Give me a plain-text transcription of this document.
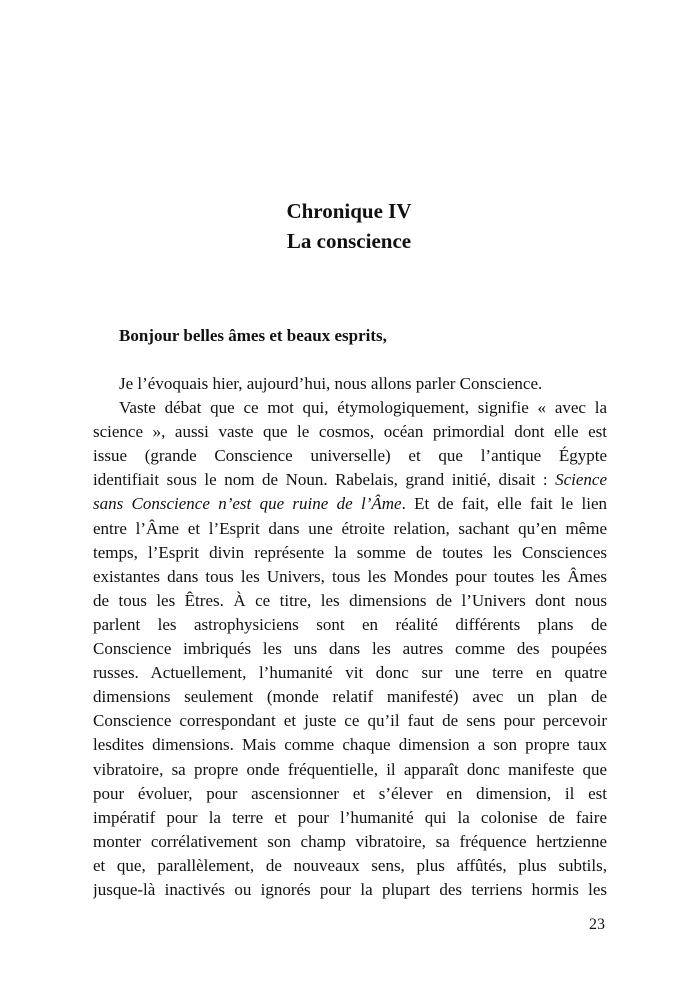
Chronique IV
La conscience
Bonjour belles âmes et beaux esprits,
Je l’évoquais hier, aujourd’hui, nous allons parler Conscience.
Vaste débat que ce mot qui, étymologiquement, signifie « avec la
science », aussi vaste que le cosmos, océan primordial dont elle est
issue (grande Conscience universelle) et que l’antique Égypte
identifiait sous le nom de Noun. Rabelais, grand initié, disait : Science
sans Conscience n’est que ruine de l’Âme. Et de fait, elle fait le lien
entre l’Âme et l’Esprit dans une étroite relation, sachant qu’en même
temps, l’Esprit divin représente la somme de toutes les Consciences
existantes dans tous les Univers, tous les Mondes pour toutes les Âmes
de tous les Êtres. À ce titre, les dimensions de l’Univers dont nous
parlent les astrophysiciens sont en réalité différents plans de
Conscience imbriqués les uns dans les autres comme des poupées
russes. Actuellement, l’humanité vit donc sur une terre en quatre
dimensions seulement (monde relatif manifesté) avec un plan de
Conscience correspondant et juste ce qu’il faut de sens pour percevoir
lesdites dimensions. Mais comme chaque dimension a son propre taux
vibratoire, sa propre onde fréquentielle, il apparaît donc manifeste que
pour évoluer, pour ascensionner et s’élever en dimension, il est
impératif pour la terre et pour l’humanité qui la colonise de faire
monter corrélativement son champ vibratoire, sa fréquence hertzienne
et que, parallèlement, de nouveaux sens, plus affûtés, plus subtils,
jusque-là inactivés ou ignorés pour la plupart des terriens hormis les
23
